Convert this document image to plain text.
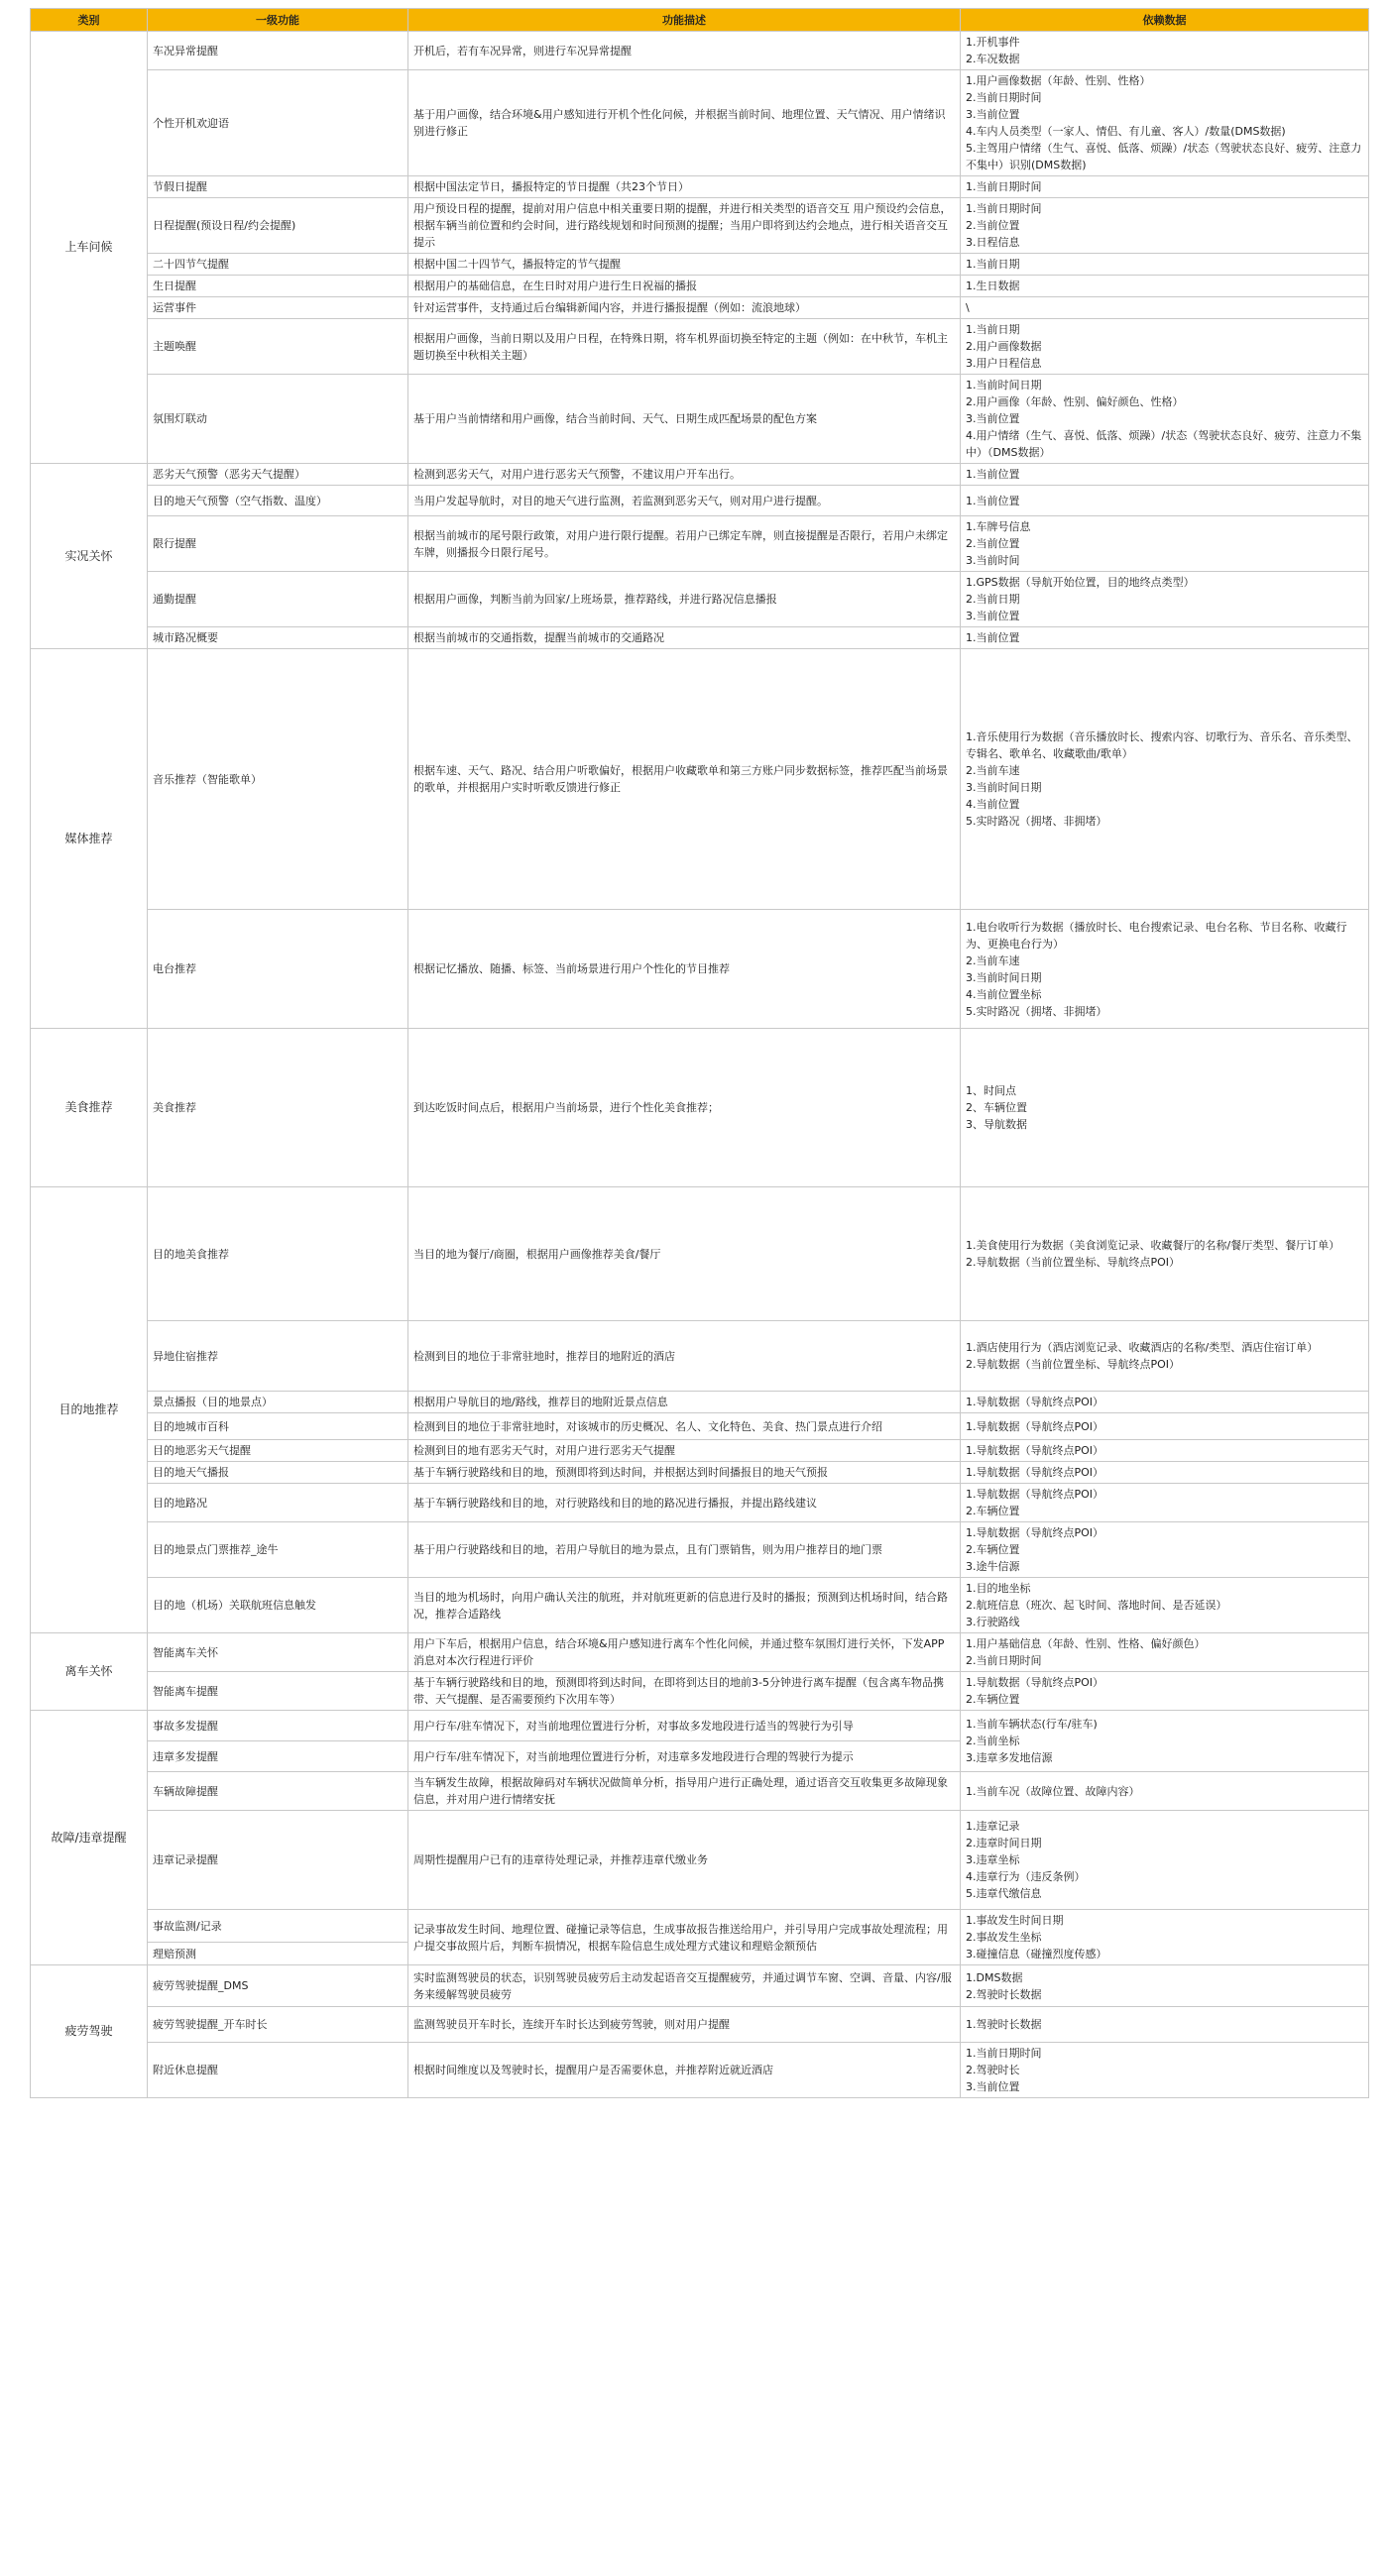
类别	一级功能	功能描述	依赖数据
上车问候	车况异常提醒	开机后，若有车况异常，则进行车况异常提醒	1.开机事件
2.车况数据

	个性开机欢迎语	基于用户画像，结合环境&用户感知进行开机个性化问候，并根据当前时间、地理位置、天气情况、用户情绪识别进行修正	1.用户画像数据（年龄、性别、性格）
2.当前日期时间
3.当前位置
4.车内人员类型（一家人、情侣、有儿童、客人）/数量(DMS数据)
5.主驾用户情绪（生气、喜悦、低落、烦躁）/状态（驾驶状态良好、疲劳、注意力不集中）识别(DMS数据)

	节假日提醒	根据中国法定节日，播报特定的节日提醒（共23个节日）	1.当前日期时间

	日程提醒(预设日程/约会提醒)	用户预设日程的提醒，提前对用户信息中相关重要日期的提醒，并进行相关类型的语音交互 用户预设约会信息，根据车辆当前位置和约会时间，进行路线规划和时间预测的提醒；当用户即将到达约会地点，进行相关语音交互提示	1.当前日期时间
2.当前位置
3.日程信息

	二十四节气提醒	根据中国二十四节气，播报特定的节气提醒	1.当前日期

	生日提醒	根据用户的基础信息，在生日时对用户进行生日祝福的播报	1.生日数据

	运营事件	针对运营事件，支持通过后台编辑新闻内容，并进行播报提醒（例如：流浪地球）	\

	主题唤醒	根据用户画像，当前日期以及用户日程，在特殊日期，将车机界面切换至特定的主题（例如：在中秋节，车机主题切换至中秋相关主题）	1.当前日期
2.用户画像数据
3.用户日程信息

	氛围灯联动	基于用户当前情绪和用户画像，结合当前时间、天气、日期生成匹配场景的配色方案	1.当前时间日期
2.用户画像（年龄、性别、偏好颜色、性格）
3.当前位置
4.用户情绪（生气、喜悦、低落、烦躁）/状态（驾驶状态良好、疲劳、注意力不集中）（DMS数据）

实况关怀	恶劣天气预警（恶劣天气提醒）	检测到恶劣天气，对用户进行恶劣天气预警，不建议用户开车出行。	1.当前位置

	目的地天气预警（空气指数、温度）	当用户发起导航时，对目的地天气进行监测，若监测到恶劣天气，则对用户进行提醒。	1.当前位置

	限行提醒	根据当前城市的尾号限行政策，对用户进行限行提醒。若用户已绑定车牌，则直接提醒是否限行，若用户未绑定车牌，则播报今日限行尾号。	1.车牌号信息
2.当前位置
3.当前时间

	通勤提醒	根据用户画像，判断当前为回家/上班场景，推荐路线，并进行路况信息播报	1.GPS数据（导航开始位置，目的地终点类型）
2.当前日期
3.当前位置

	城市路况概要	根据当前城市的交通指数，提醒当前城市的交通路况	1.当前位置

媒体推荐	音乐推荐（智能歌单）	根据车速、天气、路况、结合用户听歌偏好，根据用户收藏歌单和第三方账户同步数据标签，推荐匹配当前场景的歌单，并根据用户实时听歌反馈进行修正	1.音乐使用行为数据（音乐播放时长、搜索内容、切歌行为、音乐名、音乐类型、专辑名、歌单名、收藏歌曲/歌单）
2.当前车速
3.当前时间日期
4.当前位置
5.实时路况（拥堵、非拥堵）

	电台推荐	根据记忆播放、随播、标签、当前场景进行用户个性化的节目推荐	1.电台收听行为数据（播放时长、电台搜索记录、电台名称、节目名称、收藏行为、更换电台行为）
2.当前车速
3.当前时间日期
4.当前位置坐标
5.实时路况（拥堵、非拥堵）

美食推荐	美食推荐	到达吃饭时间点后，根据用户当前场景，进行个性化美食推荐；	1、时间点
2、车辆位置
3、导航数据

目的地推荐	目的地美食推荐	当目的地为餐厅/商圈，根据用户画像推荐美食/餐厅	1.美食使用行为数据（美食浏览记录、收藏餐厅的名称/餐厅类型、餐厅订单）
2.导航数据（当前位置坐标、导航终点POI）

	异地住宿推荐	检测到目的地位于非常驻地时，推荐目的地附近的酒店	1.酒店使用行为（酒店浏览记录、收藏酒店的名称/类型、酒店住宿订单）
2.导航数据（当前位置坐标、导航终点POI）

	景点播报（目的地景点）	根据用户导航目的地/路线，推荐目的地附近景点信息	1.导航数据（导航终点POI）

	目的地城市百科	检测到目的地位于非常驻地时，对该城市的历史概况、名人、文化特色、美食、热门景点进行介绍	1.导航数据（导航终点POI）

	目的地恶劣天气提醒	检测到目的地有恶劣天气时，对用户进行恶劣天气提醒	1.导航数据（导航终点POI）

	目的地天气播报	基于车辆行驶路线和目的地，预测即将到达时间，并根据达到时间播报目的地天气预报	1.导航数据（导航终点POI）

	目的地路况	基于车辆行驶路线和目的地，对行驶路线和目的地的路况进行播报，并提出路线建议	1.导航数据（导航终点POI）
2.车辆位置

	目的地景点门票推荐_途牛	基于用户行驶路线和目的地，若用户导航目的地为景点，且有门票销售，则为用户推荐目的地门票	1.导航数据（导航终点POI）
2.车辆位置
3.途牛信源

	目的地（机场）关联航班信息触发	当目的地为机场时，向用户确认关注的航班，并对航班更新的信息进行及时的播报；预测到达机场时间，结合路况，推荐合适路线	1.目的地坐标
2.航班信息（班次、起飞时间、落地时间、是否延误）
3.行驶路线

离车关怀	智能离车关怀	用户下车后，根据用户信息，结合环境&用户感知进行离车个性化问候，并通过整车氛围灯进行关怀，下发APP消息对本次行程进行评价	1.用户基础信息（年龄、性别、性格、偏好颜色）
2.当前日期时间

	智能离车提醒	基于车辆行驶路线和目的地，预测即将到达时间，在即将到达目的地前3-5分钟进行离车提醒（包含离车物品携带、天气提醒、是否需要预约下次用车等）	1.导航数据（导航终点POI）
2.车辆位置

故障/违章提醒	事故多发提醒	用户行车/驻车情况下，对当前地理位置进行分析，对事故多发地段进行适当的驾驶行为引导	1.当前车辆状态(行车/驻车)
2.当前坐标
3.违章多发地信源

	违章多发提醒	用户行车/驻车情况下，对当前地理位置进行分析，对违章多发地段进行合理的驾驶行为提示	
	车辆故障提醒	当车辆发生故障，根据故障码对车辆状况做简单分析，指导用户进行正确处理，通过语音交互收集更多故障现象信息，并对用户进行情绪安抚	1.当前车况（故障位置、故障内容）

	违章记录提醒	周期性提醒用户已有的违章待处理记录，并推荐违章代缴业务	1.违章记录
2.违章时间日期
3.违章坐标
4.违章行为（违反条例）
5.违章代缴信息

	事故监测/记录	记录事故发生时间、地理位置、碰撞记录等信息，生成事故报告推送给用户，并引导用户完成事故处理流程；用户提交事故照片后，判断车损情况，根据车险信息生成处理方式建议和理赔金额预估	1.事故发生时间日期
2.事故发生坐标
3.碰撞信息（碰撞烈度传感）

	理赔预测		
疲劳驾驶	疲劳驾驶提醒_DMS	实时监测驾驶员的状态，识别驾驶员疲劳后主动发起语音交互提醒疲劳，并通过调节车窗、空调、音量、内容/服务来缓解驾驶员疲劳	1.DMS数据
2.驾驶时长数据

	疲劳驾驶提醒_开车时长	监测驾驶员开车时长，连续开车时长达到疲劳驾驶，则对用户提醒	1.驾驶时长数据

	附近休息提醒	根据时间维度以及驾驶时长，提醒用户是否需要休息，并推荐附近就近酒店	1.当前日期时间
2.驾驶时长
3.当前位置
